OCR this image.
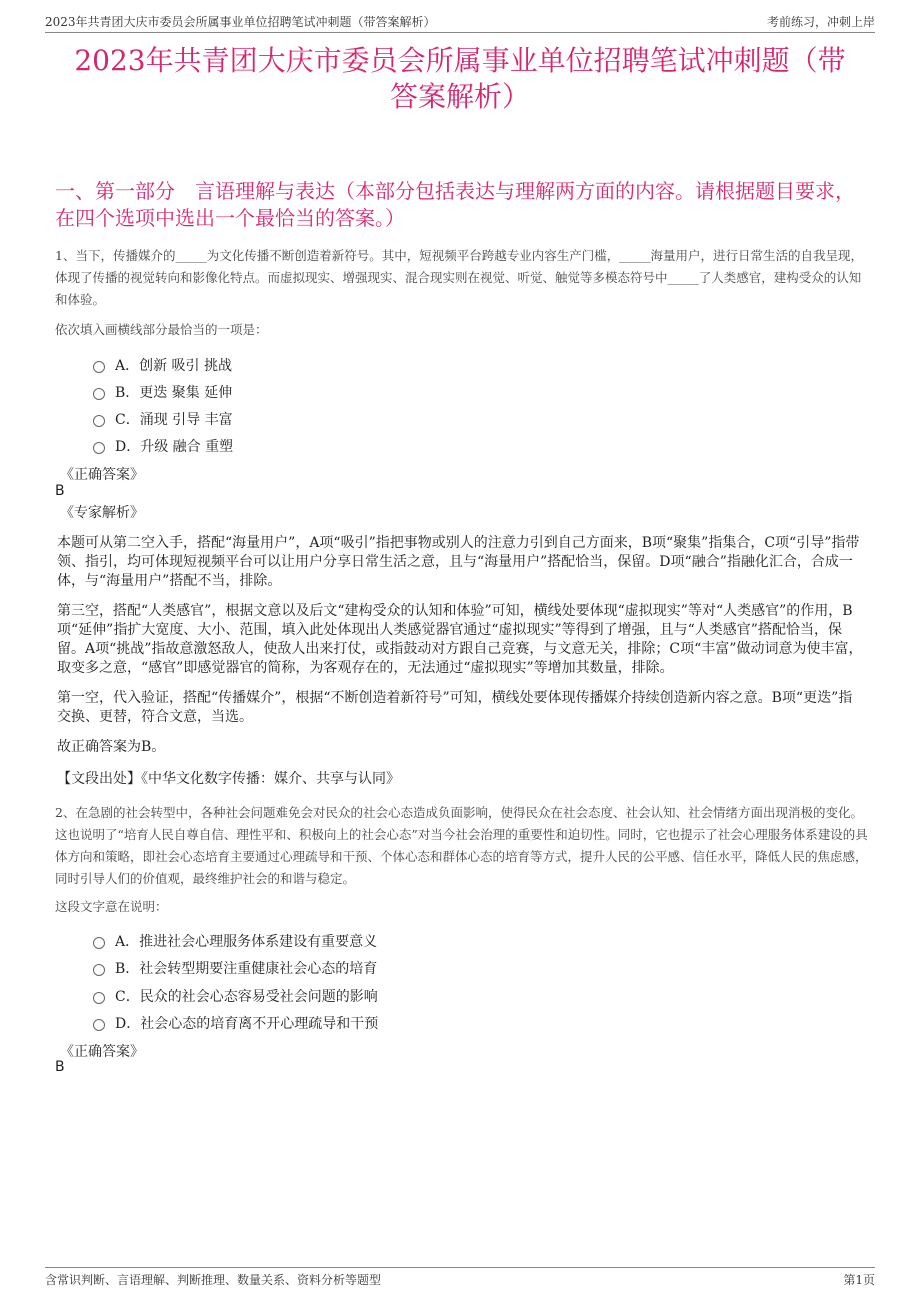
2023年共青团大庆市委员会所属事业单位招聘笔试冲刺题（带答案解析）	考前练习，冲刺上岸
2023年共青团大庆市委员会所属事业单位招聘笔试冲刺题（带
答案解析）
一、第一部分　言语理解与表达（本部分包括表达与理解两方面的内容。请根据题目要求，在四个选项中选出一个最恰当的答案。）

1、当下，传播媒介的_____为文化传播不断创造着新符号。其中，短视频平台跨越专业内容生产门槛，_____海量用户，进行日常生活的自我呈现，体现了传播的视觉转向和影像化特点。而虚拟现实、增强现实、混合现实则在视觉、听觉、触觉等多模态符号中_____了人类感官，建构受众的认知和体验。

依次填入画横线部分最恰当的一项是：
A．创新 吸引 挑战
B．更迭 聚集 延伸
C．涌现 引导 丰富
D．升级 融合 重塑
《正确答案》
B
《专家解析》

本题可从第二空入手，搭配“海量用户”，A项“吸引”指把事物或别人的注意力引到自己方面来，B项“聚集”指集合，C项“引导”指带领、指引，均可体现短视频平台可以让用户分享日常生活之意，且与“海量用户”搭配恰当，保留。D项“融合”指融化汇合，合成一体，与“海量用户”搭配不当，排除。

第三空，搭配“人类感官”，根据文意以及后文“建构受众的认知和体验”可知，横线处要体现“虚拟现实”等对“人类感官”的作用，B项“延伸”指扩大宽度、大小、范围，填入此处体现出人类感觉器官通过“虚拟现实”等得到了增强，且与“人类感官”搭配恰当，保留。A项“挑战”指故意激怒敌人，使敌人出来打仗，或指鼓动对方跟自己竞赛，与文意无关，排除；C项“丰富”做动词意为使丰富，取变多之意，“感官”即感觉器官的简称，为客观存在的，无法通过“虚拟现实”等增加其数量，排除。

第一空，代入验证，搭配“传播媒介”，根据“不断创造着新符号”可知，横线处要体现传播媒介持续创造新内容之意。B项“更迭”指交换、更替，符合文意，当选。

故正确答案为B。

【文段出处】《中华文化数字传播：媒介、共享与认同》

2、在急剧的社会转型中，各种社会问题难免会对民众的社会心态造成负面影响，使得民众在社会态度、社会认知、社会情绪方面出现消极的变化。这也说明了“培育人民自尊自信、理性平和、积极向上的社会心态”对当今社会治理的重要性和迫切性。同时，它也提示了社会心理服务体系建设的具体方向和策略，即社会心态培育主要通过心理疏导和干预、个体心态和群体心态的培育等方式，提升人民的公平感、信任水平，降低人民的焦虑感，同时引导人们的价值观，最终维护社会的和谐与稳定。

这段文字意在说明：
A．推进社会心理服务体系建设有重要意义
B．社会转型期要注重健康社会心态的培育
C．民众的社会心态容易受社会问题的影响
D．社会心态的培育离不开心理疏导和干预
《正确答案》
B
含常识判断、言语理解、判断推理、数量关系、资料分析等题型	第1页
